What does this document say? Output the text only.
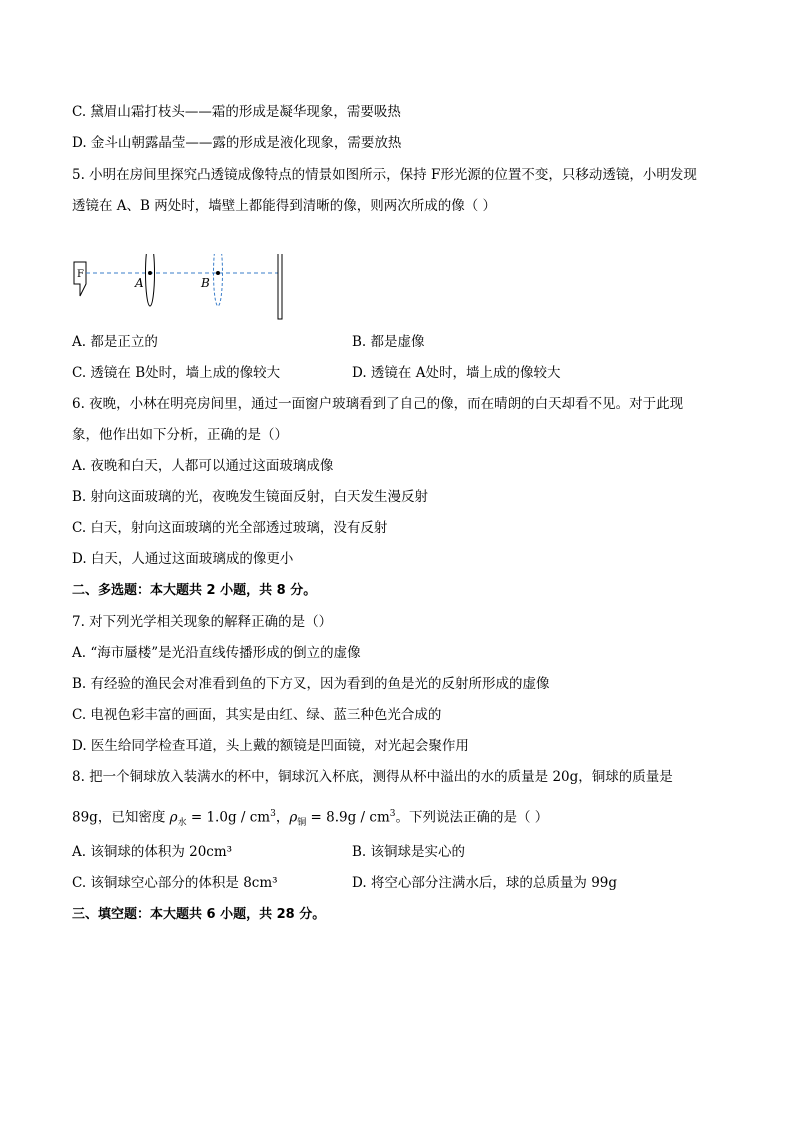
C. 黛眉山霜打枝头——霜的形成是凝华现象，需要吸热
D. 金斗山朝露晶莹——露的形成是液化现象，需要放热
5. 小明在房间里探究凸透镜成像特点的情景如图所示，保持 F形光源的位置不变，只移动透镜，小明发现
透镜在 A、B 两处时，墙壁上都能得到清晰的像，则两次所成的像（ ）
F
A	B
A. 都是正立的	B. 都是虚像
C. 透镜在 B处时，墙上成的像较大	D. 透镜在 A处时，墙上成的像较大
6. 夜晚，小林在明亮房间里，通过一面窗户玻璃看到了自己的像，而在晴朗的白天却看不见。对于此现
象，他作出如下分析，正确的是（）
A. 夜晚和白天，人都可以通过这面玻璃成像
B. 射向这面玻璃的光，夜晚发生镜面反射，白天发生漫反射
C. 白天，射向这面玻璃的光全部透过玻璃，没有反射
D. 白天，人通过这面玻璃成的像更小
二、多选题：本大题共 2 小题，共 8 分。
7. 对下列光学相关现象的解释正确的是（）
A. “海市蜃楼”是光沿直线传播形成的倒立的虚像
B. 有经验的渔民会对准看到鱼的下方叉，因为看到的鱼是光的反射所形成的虚像
C. 电视色彩丰富的画面，其实是由红、绿、蓝三种色光合成的
D. 医生给同学检查耳道，头上戴的额镜是凹面镜，对光起会聚作用
8. 把一个铜球放入装满水的杯中，铜球沉入杯底，测得从杯中溢出的水的质量是 20g，铜球的质量是
89g，已知密度 $\rho_水 = 1.0g / cm^3$，$\rho_铜 = 8.9g / cm^3$。下列说法正确的是（ ）
A. 该铜球的体积为 20cm³	B. 该铜球是实心的
C. 该铜球空心部分的体积是 8cm³	D. 将空心部分注满水后，球的总质量为 99g
三、填空题：本大题共 6 小题，共 28 分。
